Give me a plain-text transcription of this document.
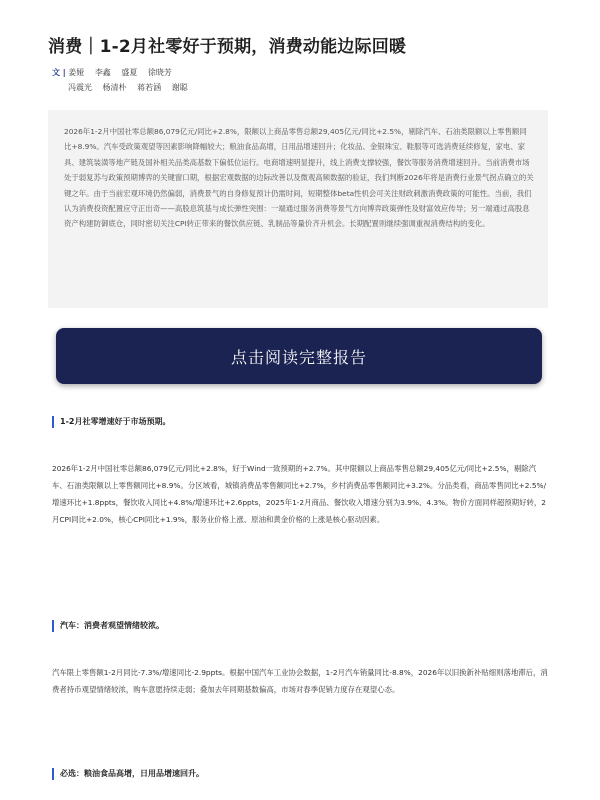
消费｜1-2月社零好于预期，消费动能边际回暖
文 | 姜娅 李鑫 盛夏 徐晓芳
冯震光 杨清朴 蒋若涵 谢聪
2026年1-2月中国社零总额86,079亿元/同比+2.8%，限额以上商品零售总额29,405亿元/同比+2.5%，剔除汽车、石油类限额以上零售额同比+8.9%。汽车受政策观望等因素影响降幅较大；粮油食品高增，日用品增速回升；化妆品、金银珠宝、鞋服等可选消费延续修复，家电、家具、建筑装潢等地产链及国补相关品类高基数下偏低位运行。电商增速明显提升，线上消费支撑较强，餐饮等服务消费增速回升。当前消费市场处于弱复苏与政策预期博弈的关键窗口期，根据宏观数据的边际改善以及微观高频数据的验证，我们判断2026年将是消费行业景气拐点确立的关键之年。由于当前宏观环境仍然偏弱，消费景气的自身修复预计仍需时间，短期整体beta性机会可关注财政刺激消费政策的可能性。当前，我们认为消费投资配置应守正出奇——高股息筑基与成长弹性突围：一端通过服务消费等景气方向博弈政策弹性及财富效应传导；另一端通过高股息资产构建防御底仓，同时密切关注CPI转正带来的餐饮供应链、乳制品等量价齐升机会。长期配置则继续强调重视消费结构的变化。
点击阅读完整报告
1-2月社零增速好于市场预期。

2026年1-2月中国社零总额86,079亿元/同比+2.8%，好于Wind一致预期的+2.7%。其中限额以上商品零售总额29,405亿元/同比+2.5%，剔除汽车、石油类限额以上零售额同比+8.9%。分区域看，城镇消费品零售额同比+2.7%，乡村消费品零售额同比+3.2%。分品类看，商品零售同比+2.5%/增速环比+1.8ppts，餐饮收入同比+4.8%/增速环比+2.6ppts，2025年1-2月商品、餐饮收入增速分别为3.9%、4.3%。物价方面同样超预期好转，2月CPI同比+2.0%，核心CPI同比+1.9%，服务业价格上涨、原油和黄金价格的上涨是核心驱动因素。

汽车：消费者观望情绪较浓。

汽车限上零售额1-2月同比-7.3%/增速同比-2.9ppts。根据中国汽车工业协会数据，1-2月汽车销量同比-8.8%，2026年以旧换新补贴细则落地滞后，消费者持币观望情绪较浓，购车意愿持续走弱；叠加去年同期基数偏高，市场对春季促销力度存在观望心态。

必选：粮油食品高增，日用品增速回升。
